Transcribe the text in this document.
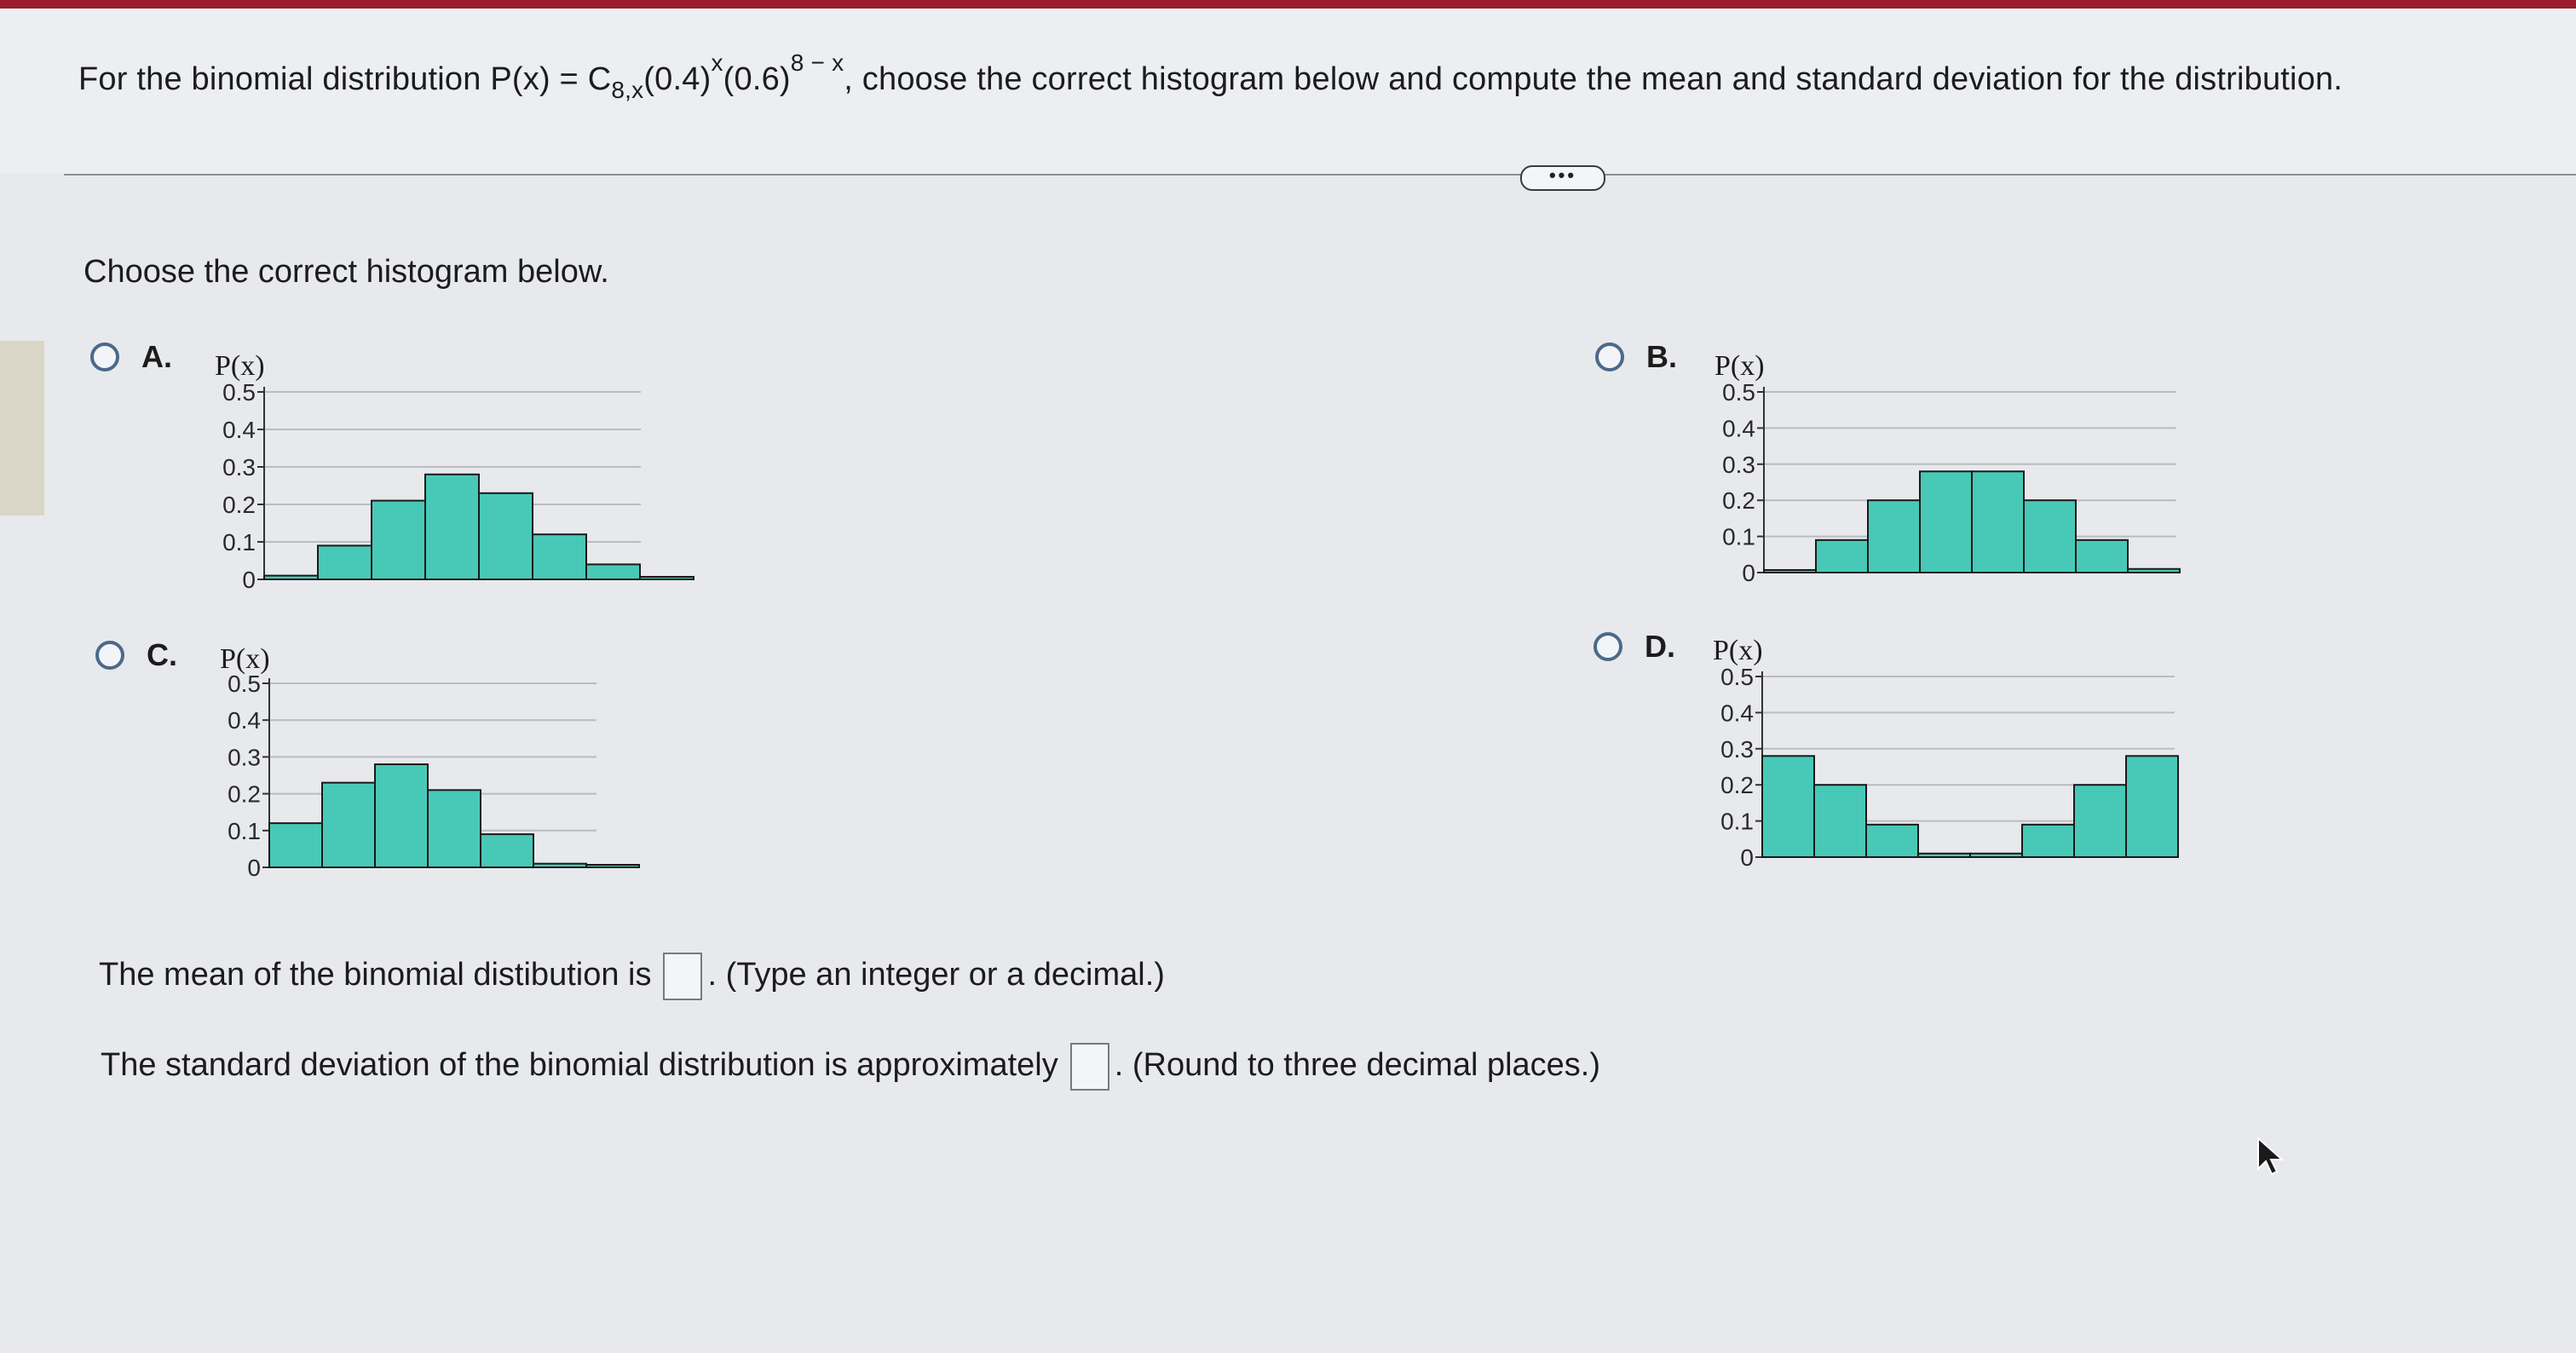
For the binomial distribution $P(x) = C_{8,x}(0.4)^x(0.6)^{8 - x}$, choose the correct histogram below and compute the mean and standard deviation for the distribution.
•••
Choose the correct histogram below.
A. P(x)
0.5
0.4
0.3
0.2
0.1
0
B. P(x)
0.5
0.4
0.3
0.2
0.1
0
C. P(x)
0.5
0.4
0.3
0.2
0.1
0
D. P(x)
0.5
0.4
0.3
0.2
0.1
0
The mean of the binomial distibution is . (Type an integer or a decimal.)
The standard deviation of the binomial distribution is approximately . (Round to three decimal places.)
